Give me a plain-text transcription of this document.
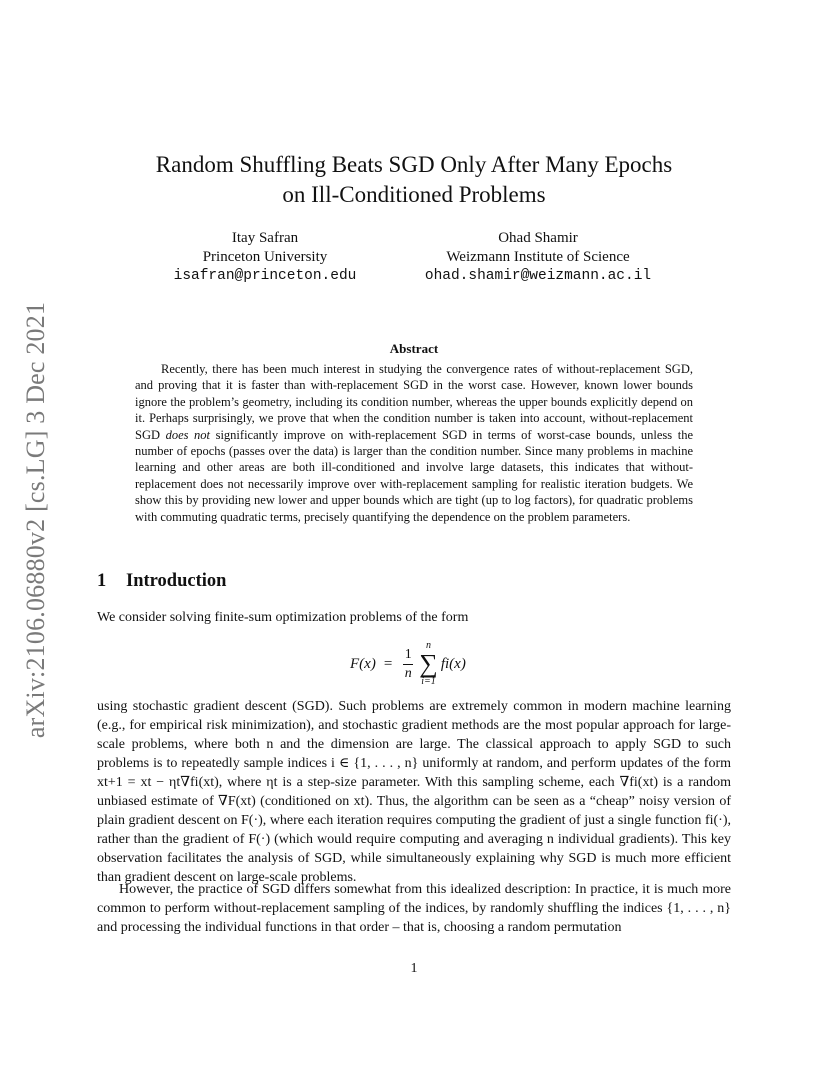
arXiv:2106.06880v2 [cs.LG] 3 Dec 2021
Random Shuffling Beats SGD Only After Many Epochs
on Ill-Conditioned Problems
Itay Safran
Princeton University
isafran@princeton.edu
Ohad Shamir
Weizmann Institute of Science
ohad.shamir@weizmann.ac.il
Abstract

Recently, there has been much interest in studying the convergence rates of without-replacement SGD, and proving that it is faster than with-replacement SGD in the worst case. However, known lower bounds ignore the problem’s geometry, including its condition number, whereas the upper bounds explicitly depend on it. Perhaps surprisingly, we prove that when the condition number is taken into account, without-replacement SGD does not significantly improve on with-replacement SGD in terms of worst-case bounds, unless the number of epochs (passes over the data) is larger than the condition number. Since many problems in machine learning and other areas are both ill-conditioned and involve large datasets, this indicates that without-replacement does not necessarily improve over with-replacement sampling for realistic iteration budgets. We show this by providing new lower and upper bounds which are tight (up to log factors), for quadratic problems with commuting quadratic terms, precisely quantifying the dependence on the problem parameters.

1 Introduction

We consider solving finite-sum optimization problems of the form

$F(x) = \frac{1}{n}$
n
∑
i=1
fi(x)

using stochastic gradient descent (SGD). Such problems are extremely common in modern machine learning (e.g., for empirical risk minimization), and stochastic gradient methods are the most popular approach for large-scale problems, where both n and the dimension are large. The classical approach to apply SGD to such problems is to repeatedly sample indices i ∈ {1, . . . , n} uniformly at random, and perform updates of the form xt+1 = xt − ηt∇fi(xt), where ηt is a step-size parameter. With this sampling scheme, each ∇fi(xt) is a random unbiased estimate of ∇F(xt) (conditioned on xt). Thus, the algorithm can be seen as a “cheap” noisy version of plain gradient descent on F(·), where each iteration requires computing the gradient of just a single function fi(·), rather than the gradient of F(·) (which would require computing and averaging n individual gradients). This key observation facilitates the analysis of SGD, while simultaneously explaining why SGD is much more efficient than gradient descent on large-scale problems.

However, the practice of SGD differs somewhat from this idealized description: In practice, it is much more common to perform without-replacement sampling of the indices, by randomly shuffling the indices {1, . . . , n} and processing the individual functions in that order – that is, choosing a random permutation

1
